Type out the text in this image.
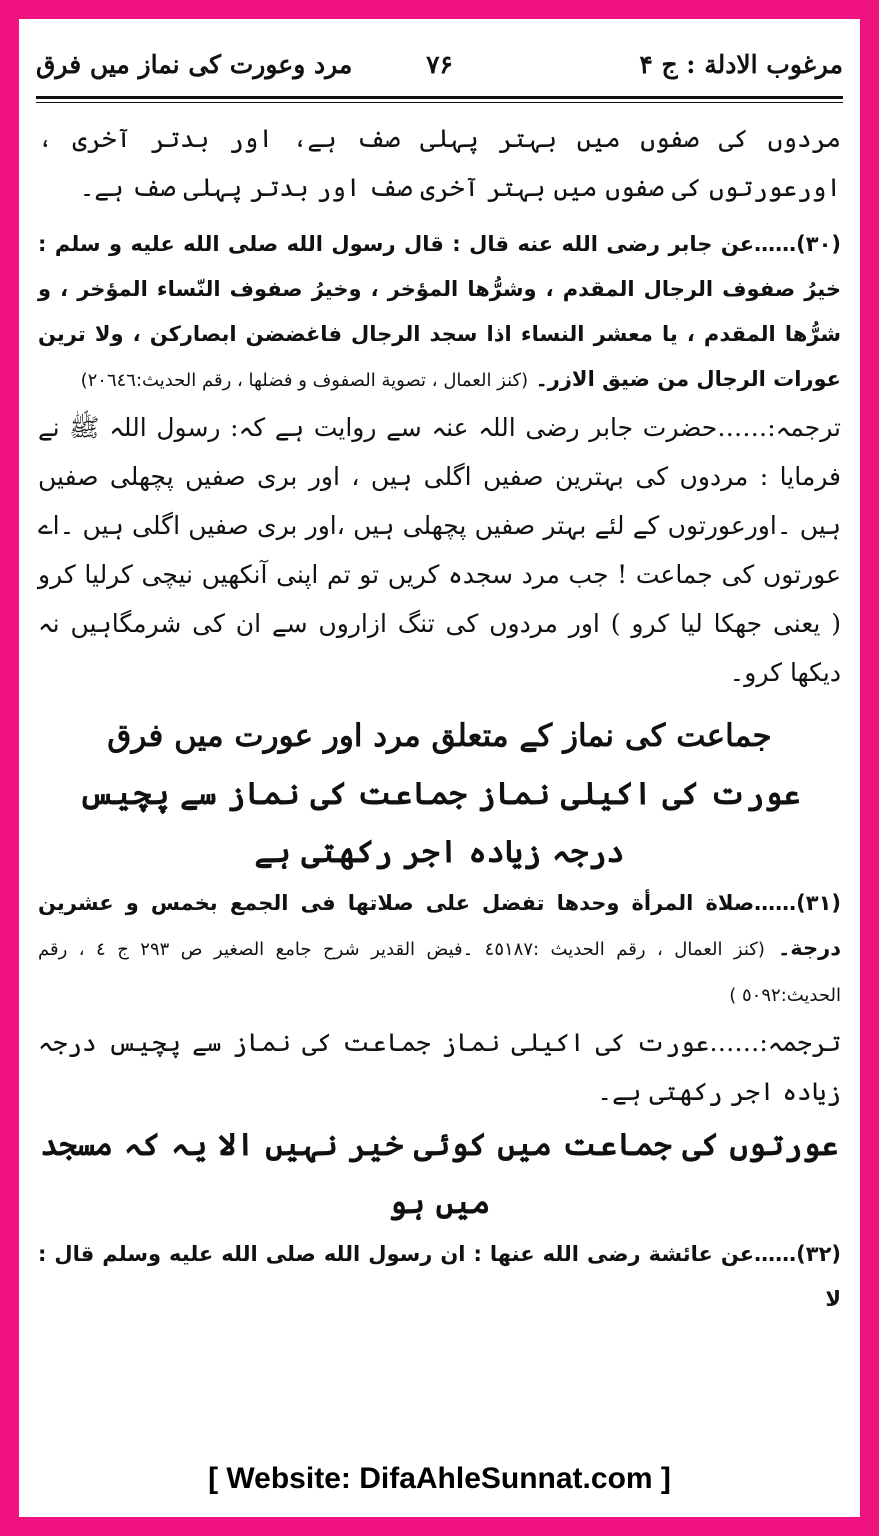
مرغوب الادلة : ج ۴
۷۶
مرد وعورت کی نماز میں فرق

مردوں کی صفوں میں بہتر پہلی صف ہے، اور بدتر آخری ، اورعورتوں کی صفوں میں بہتر آخری صف اور بدتر پہلی صف ہے۔

(۳۰)……عن جابر رضی الله عنه قال : قال رسول الله صلى الله عليه و سلم : خيرُ صفوف الرجال المقدم ، وشرُّها المؤخر ، وخيرُ صفوف النّساء المؤخر ، و شرُّها المقدم ، يا معشر النساء اذا سجد الرجال فاغضضن ابصاركن ، ولا ترين عورات الرجال من ضيق الازر۔ (كنز العمال ، تصوية الصفوف و فضلها ، رقم الحديث:٢٠٦٤٦)

ترجمہ:……حضرت جابر رضی اللہ عنہ سے روایت ہے کہ: رسول اللہ ﷺ نے فرمایا : مردوں کی بہترین صفیں اگلی ہیں ، اور بری صفیں پچھلی صفیں ہیں ۔اورعورتوں کے لئے بہتر صفیں پچھلی ہیں ،اور بری صفیں اگلی ہیں ۔اے عورتوں کی جماعت ! جب مرد سجدہ کریں تو تم اپنی آنکھیں نیچی کرلیا کرو ( یعنی جھکا لیا کرو ) اور مردوں کی تنگ ازاروں سے ان کی شرمگاہیں نہ دیکھا کرو۔

جماعت کی نماز کے متعلق مرد اور عورت میں فرق

عورت کی اکیلی نماز جماعت کی نماز سے پچیس درجہ زیادہ اجر رکھتی ہے

(۳۱)……صلاة المرأة وحدها تفضل على صلاتها فى الجمع بخمس و عشرين درجة۔ (كنز العمال ، رقم الحديث :٤٥١٨٧ ۔فیض القدیر شرح جامع الصغیر ص ٢٩٣ ج ٤ ، رقم الحديث:٥٠٩٢ )

ترجمہ:……عورت کی اکیلی نماز جماعت کی نماز سے پچیس درجہ زیادہ اجر رکھتی ہے۔

عورتوں کی جماعت میں کوئی خیر نہیں الا یہ کہ مسجد میں ہو

(۳۲)……عن عائشة رضی الله عنها : ان رسول الله صلى الله عليه وسلم قال : لا

[ Website: DifaAhleSunnat.com ]
